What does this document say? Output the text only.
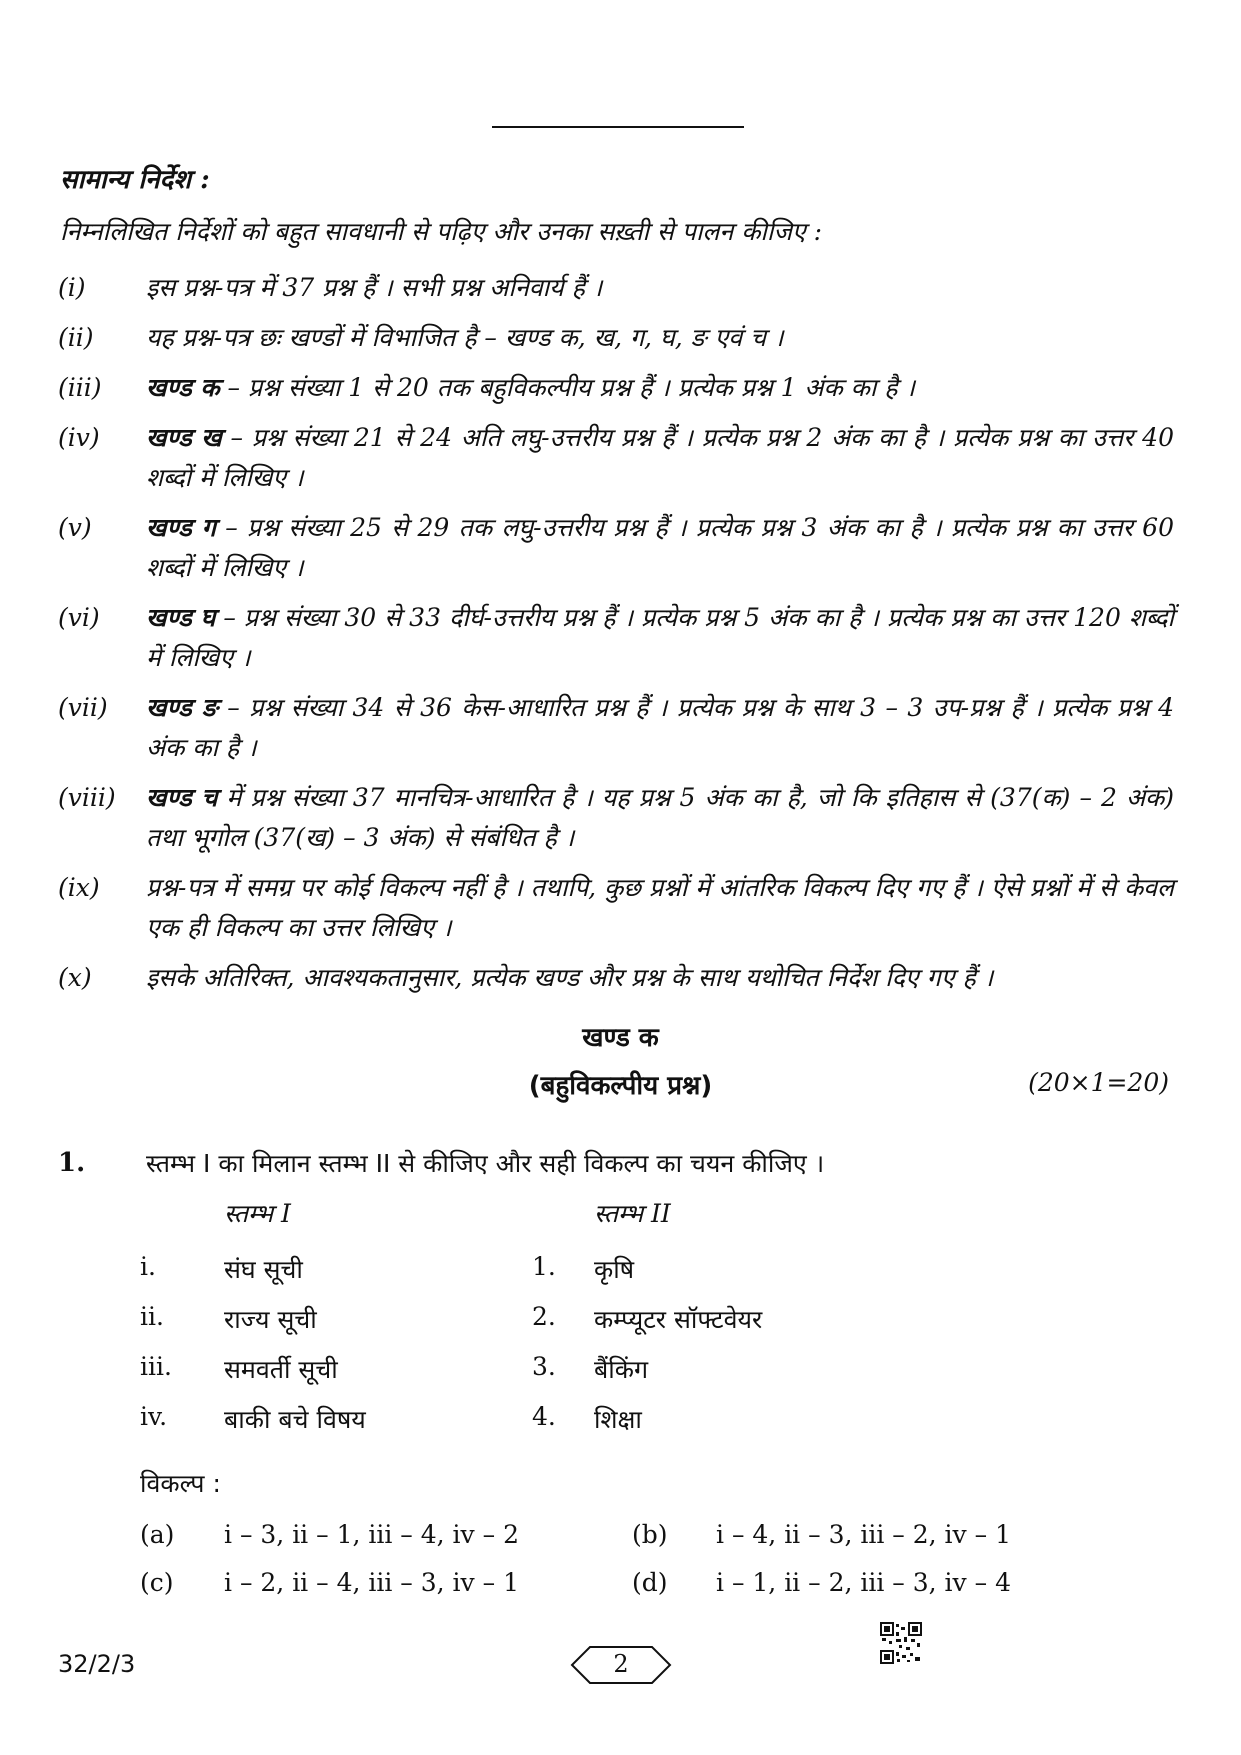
सामान्य निर्देश :
निम्नलिखित निर्देशों को बहुत सावधानी से पढ़िए और उनका सख़्ती से पालन कीजिए :
(i)	इस प्रश्न-पत्र में 37 प्रश्न हैं । सभी प्रश्न अनिवार्य हैं ।
(ii)	यह प्रश्न-पत्र छः खण्डों में विभाजित है – खण्ड क, ख, ग, घ, ङ एवं च ।
(iii)	खण्ड क – प्रश्न संख्या 1 से 20 तक बहुविकल्पीय प्रश्न हैं । प्रत्येक प्रश्न 1 अंक का है ।
(iv)	खण्ड ख – प्रश्न संख्या 21 से 24 अति लघु-उत्तरीय प्रश्न हैं । प्रत्येक प्रश्न 2 अंक का है । प्रत्येक प्रश्न का उत्तर 40 शब्दों में लिखिए ।
(v)	खण्ड ग – प्रश्न संख्या 25 से 29 तक लघु-उत्तरीय प्रश्न हैं । प्रत्येक प्रश्न 3 अंक का है । प्रत्येक प्रश्न का उत्तर 60 शब्दों में लिखिए ।
(vi)	खण्ड घ – प्रश्न संख्या 30 से 33 दीर्घ-उत्तरीय प्रश्न हैं । प्रत्येक प्रश्न 5 अंक का है । प्रत्येक प्रश्न का उत्तर 120 शब्दों में लिखिए ।
(vii)	खण्ड ङ – प्रश्न संख्या 34 से 36 केस-आधारित प्रश्न हैं । प्रत्येक प्रश्न के साथ 3 – 3 उप-प्रश्न हैं । प्रत्येक प्रश्न 4 अंक का है ।
(viii)	खण्ड च में प्रश्न संख्या 37 मानचित्र-आधारित है । यह प्रश्न 5 अंक का है, जो कि इतिहास से (37(क) – 2 अंक) तथा भूगोल (37(ख) – 3 अंक) से संबंधित है ।
(ix)	प्रश्न-पत्र में समग्र पर कोई विकल्प नहीं है । तथापि, कुछ प्रश्नों में आंतरिक विकल्प दिए गए हैं । ऐसे प्रश्नों में से केवल एक ही विकल्प का उत्तर लिखिए ।
(x)	इसके अतिरिक्त, आवश्यकतानुसार, प्रत्येक खण्ड और प्रश्न के साथ यथोचित निर्देश दिए गए हैं ।
खण्ड क
(बहुविकल्पीय प्रश्न)	(20×1=20)
1. स्तम्भ I का मिलान स्तम्भ II से कीजिए और सही विकल्प का चयन कीजिए ।
स्तम्भ I	स्तम्भ II
i.	संघ सूची	1. कृषि
ii. राज्य सूची	2. कम्प्यूटर सॉफ्टवेयर
iii. समवर्ती सूची	3. बैंकिंग
iv. बाकी बचे विषय	4. शिक्षा
विकल्प :
(a) i – 3, ii – 1, iii – 4, iv – 2	(b) i – 4, ii – 3, iii – 2, iv – 1
(c) i – 2, ii – 4, iii – 3, iv – 1	(d) i – 1, ii – 2, iii – 3, iv – 4
32/2/3	2
